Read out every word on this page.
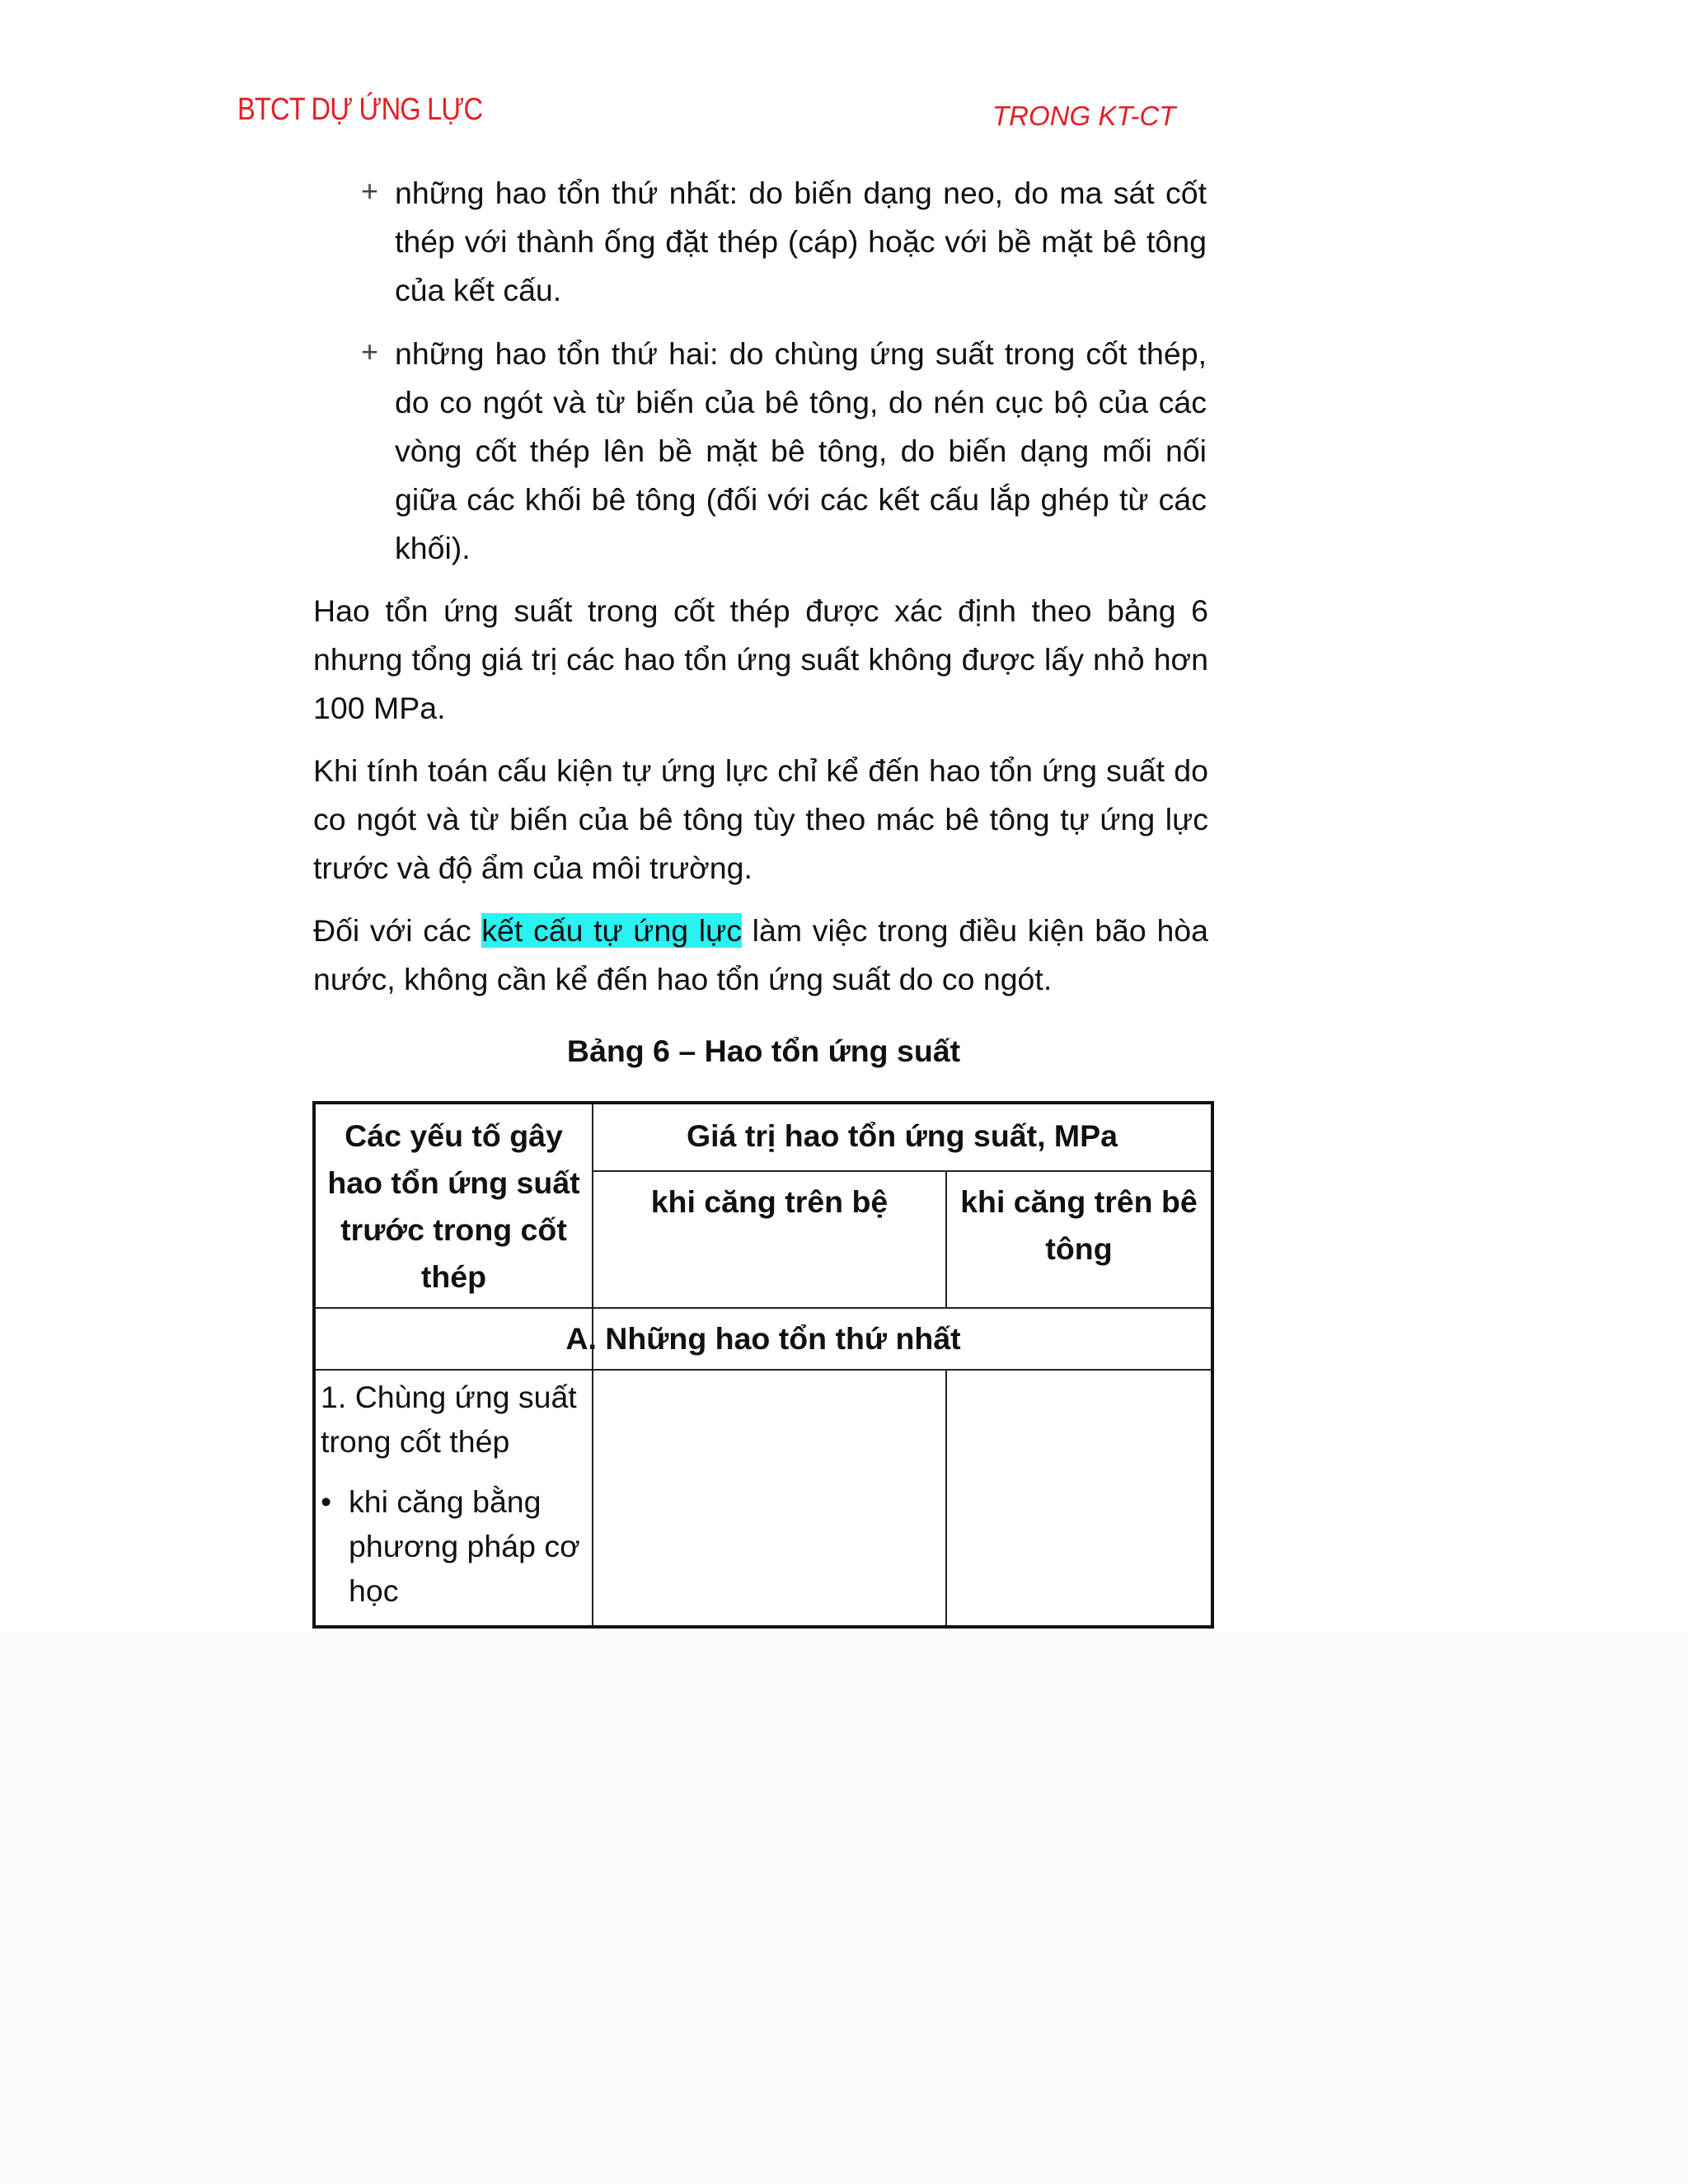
BTCT DỰ ỨNG LỰC	TRONG KT-CT
+ những hao tổn thứ nhất: do biến dạng neo, do ma sát cốt thép với thành ống đặt thép (cáp) hoặc với bề mặt bê tông của kết cấu.
+ những hao tổn thứ hai: do chùng ứng suất trong cốt thép, do co ngót và từ biến của bê tông, do nén cục bộ của các vòng cốt thép lên bề mặt bê tông, do biến dạng mối nối giữa các khối bê tông (đối với các kết cấu lắp ghép từ các khối).
Hao tổn ứng suất trong cốt thép được xác định theo bảng 6 nhưng tổng giá trị các hao tổn ứng suất không được lấy nhỏ hơn 100 MPa.
Khi tính toán cấu kiện tự ứng lực chỉ kể đến hao tổn ứng suất do co ngót và từ biến của bê tông tùy theo mác bê tông tự ứng lực trước và độ ẩm của môi trường.
Đối với các kết cấu tự ứng lực làm việc trong điều kiện bão hòa nước, không cần kể đến hao tổn ứng suất do co ngót.
Bảng 6 – Hao tổn ứng suất
Các yếu tố gây hao tổn ứng suất trước trong cốt thép
Giá trị hao tổn ứng suất, MPa
khi căng trên bệ	khi căng trên bê tông
A. Những hao tổn thứ nhất
1. Chùng ứng suất trong cốt thép
• khi căng bằng phương pháp cơ học
